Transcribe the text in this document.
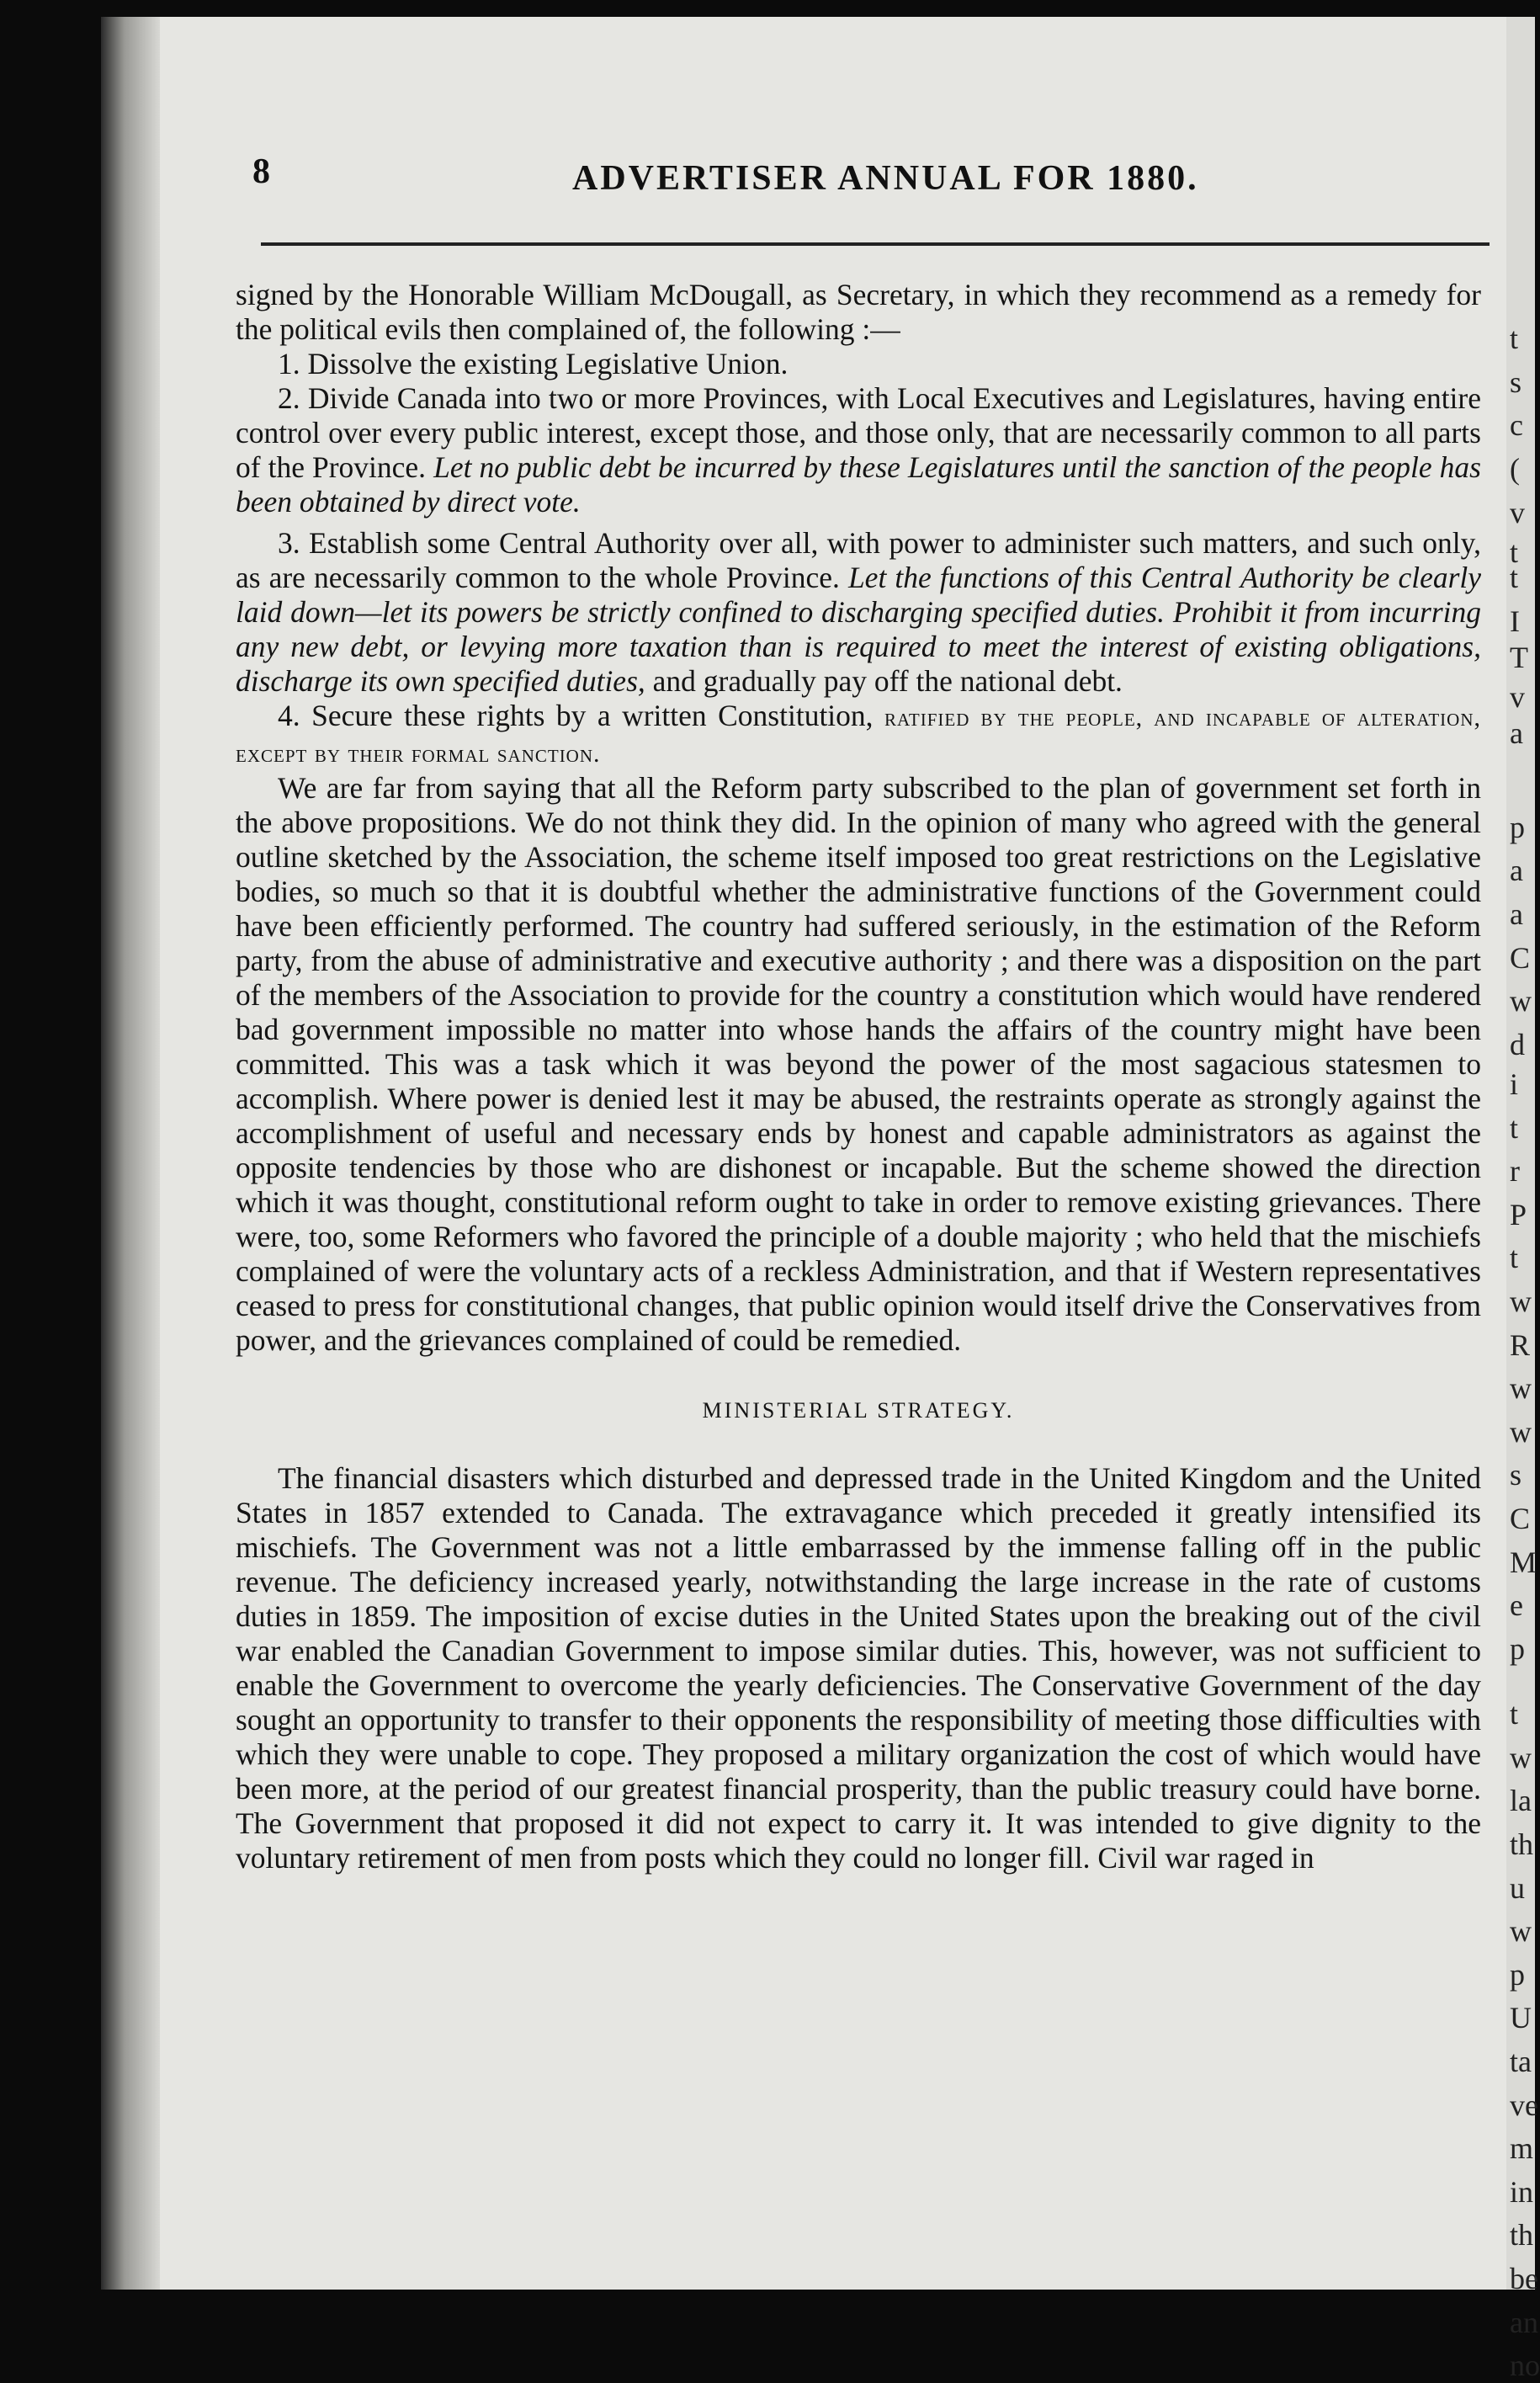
t
s
c
(
v
t
t
I
T
v
a
p
a
a
C
w
d
i
t
r
P
t
w
R
w
w
s
C
M
e
p
t
w
la
th
u
w
p
U
ta
ve
m
in
th
be
an
no
8	ADVERTISER ANNUAL FOR 1880.

signed by the Honorable William McDougall, as Secretary, in which they recommend as a remedy for the political evils then complained of, the following :—

1. Dissolve the existing Legislative Union.

2. Divide Canada into two or more Provinces, with Local Executives and Legislatures, having entire control over every public interest, except those, and those only, that are necessarily common to all parts of the Province. Let no public debt be incurred by these Legislatures until the sanction of the people has been obtained by direct vote.

3. Establish some Central Authority over all, with power to administer such matters, and such only, as are necessarily common to the whole Province. Let the functions of this Central Authority be clearly laid down—let its powers be strictly confined to discharging specified duties. Prohibit it from incurring any new debt, or levying more taxation than is required to meet the interest of existing obligations, discharge its own specified duties, and gradually pay off the national debt.

4. Secure these rights by a written Constitution, ratified by the people, and incapable of alteration, except by their formal sanction.

We are far from saying that all the Reform party subscribed to the plan of government set forth in the above propositions. We do not think they did. In the opinion of many who agreed with the general outline sketched by the Association, the scheme itself imposed too great restrictions on the Legislative bodies, so much so that it is doubtful whether the administrative functions of the Government could have been efficiently performed. The country had suffered seriously, in the estimation of the Reform party, from the abuse of administrative and executive authority ; and there was a disposition on the part of the members of the Association to provide for the country a constitution which would have rendered bad government impossible no matter into whose hands the affairs of the country might have been committed. This was a task which it was beyond the power of the most sagacious statesmen to accomplish. Where power is denied lest it may be abused, the restraints operate as strongly against the accomplishment of useful and necessary ends by honest and capable administrators as against the opposite tendencies by those who are dishonest or incapable. But the scheme showed the direction which it was thought, constitutional reform ought to take in order to remove existing grievances. There were, too, some Reformers who favored the principle of a double majority ; who held that the mischiefs complained of were the voluntary acts of a reckless Administration, and that if Western representatives ceased to press for constitutional changes, that public opinion would itself drive the Conservatives from power, and the grievances complained of could be remedied.

MINISTERIAL STRATEGY.

The financial disasters which disturbed and depressed trade in the United Kingdom and the United States in 1857 extended to Canada. The extravagance which preceded it greatly intensified its mischiefs. The Government was not a little embarrassed by the immense falling off in the public revenue. The deficiency increased yearly, notwithstanding the large increase in the rate of customs duties in 1859. The imposition of excise duties in the United States upon the breaking out of the civil war enabled the Canadian Government to impose similar duties. This, however, was not sufficient to enable the Government to overcome the yearly deficiencies. The Conservative Government of the day sought an opportunity to transfer to their opponents the responsibility of meeting those difficulties with which they were unable to cope. They proposed a military organization the cost of which would have been more, at the period of our greatest financial prosperity, than the public treasury could have borne. The Government that proposed it did not expect to carry it. It was intended to give dignity to the voluntary retirement of men from posts which they could no longer fill. Civil war raged in
